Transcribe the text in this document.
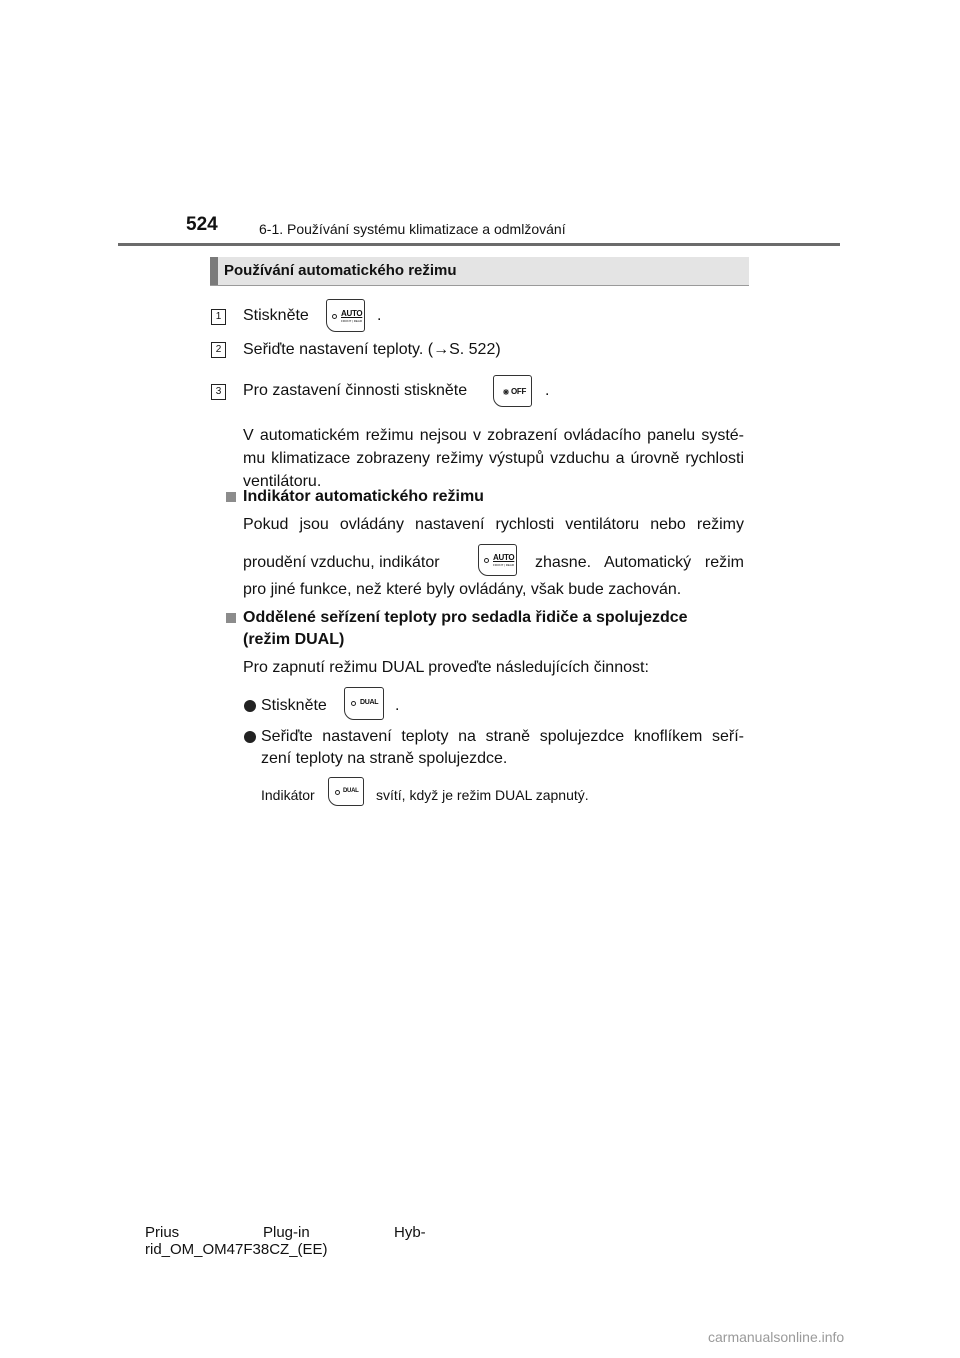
524	6-1. Používání systému klimatizace a odmlžování
Používání automatického režimu
1 Stiskněte	AUTO
FRONT | REAR .
2 Seřiďte nastavení teploty. (→S. 522)
3 Pro zastavení činnosti stiskněte	OFF .
V automatickém režimu nejsou v zobrazení ovládacího panelu systé-
mu klimatizace zobrazeny režimy výstupů vzduchu a úrovně rychlosti
ventilátoru.
Indikátor automatického režimu
Pokud jsou ovládány nastavení rychlosti ventilátoru nebo režimy
proudění vzduchu, indikátor	AUTO
FRONT | REAR zhasne. Automatický režim
pro jiné funkce, než které byly ovládány, však bude zachován.
Oddělené seřízení teploty pro sedadla řidiče a spolujezdce
(režim DUAL)
Pro zapnutí režimu DUAL proveďte následujících činnost:
Stiskněte	DUAL .
Seřiďte nastavení teploty na straně spolujezdce knoflíkem seří-
zení teploty na straně spolujezdce.
Indikátor	DUAL svítí, když je režim DUAL zapnutý.
Prius	Plug-in	Hyb-
rid_OM_OM47F38CZ_(EE)
carmanualsonline.info
